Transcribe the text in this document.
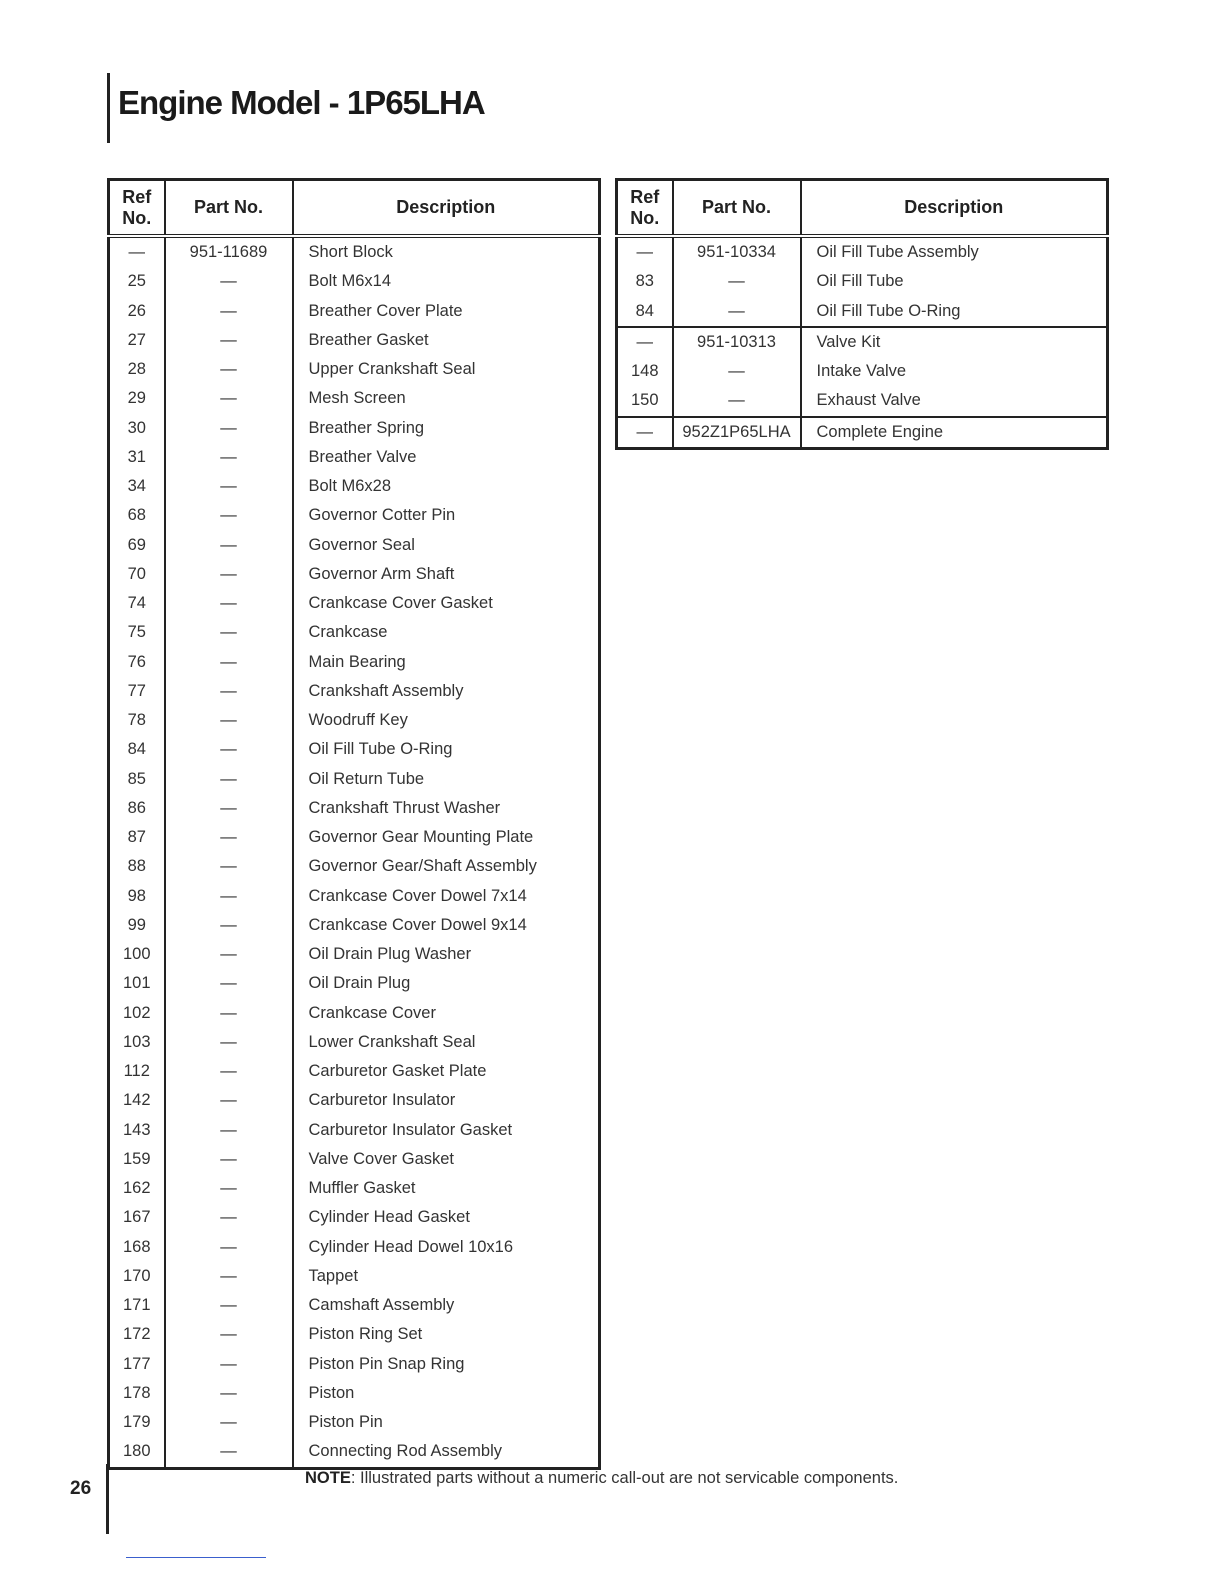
Engine Model - 1P65LHA
Ref
No.	Part No.	Description
—	951-11689	Short Block
25	—	Bolt M6x14
26	—	Breather Cover Plate
27	—	Breather Gasket
28	—	Upper Crankshaft Seal
29	—	Mesh Screen
30	—	Breather Spring
31	—	Breather Valve
34	—	Bolt M6x28
68	—	Governor Cotter Pin
69	—	Governor Seal
70	—	Governor Arm Shaft
74	—	Crankcase Cover Gasket
75	—	Crankcase
76	—	Main Bearing
77	—	Crankshaft Assembly
78	—	Woodruff Key
84	—	Oil Fill Tube O-Ring
85	—	Oil Return Tube
86	—	Crankshaft Thrust Washer
87	—	Governor Gear Mounting Plate
88	—	Governor Gear/Shaft Assembly
98	—	Crankcase Cover Dowel 7x14
99	—	Crankcase Cover Dowel 9x14
100	—	Oil Drain Plug Washer
101	—	Oil Drain Plug
102	—	Crankcase Cover
103	—	Lower Crankshaft Seal
112	—	Carburetor Gasket Plate
142	—	Carburetor Insulator
143	—	Carburetor Insulator Gasket
159	—	Valve Cover Gasket
162	—	Muffler Gasket
167	—	Cylinder Head Gasket
168	—	Cylinder Head Dowel 10x16
170	—	Tappet
171	—	Camshaft Assembly
172	—	Piston Ring Set
177	—	Piston Pin Snap Ring
178	—	Piston
179	—	Piston Pin
180	—	Connecting Rod Assembly
Ref
No.	Part No.	Description
—	951-10334	Oil Fill Tube Assembly
83	—	Oil Fill Tube
84	—	Oil Fill Tube O-Ring
—	951-10313	Valve Kit
148	—	Intake Valve
150	—	Exhaust Valve
—	952Z1P65LHA	Complete Engine
26	NOTE: Illustrated parts without a numeric call-out are not servicable components.
